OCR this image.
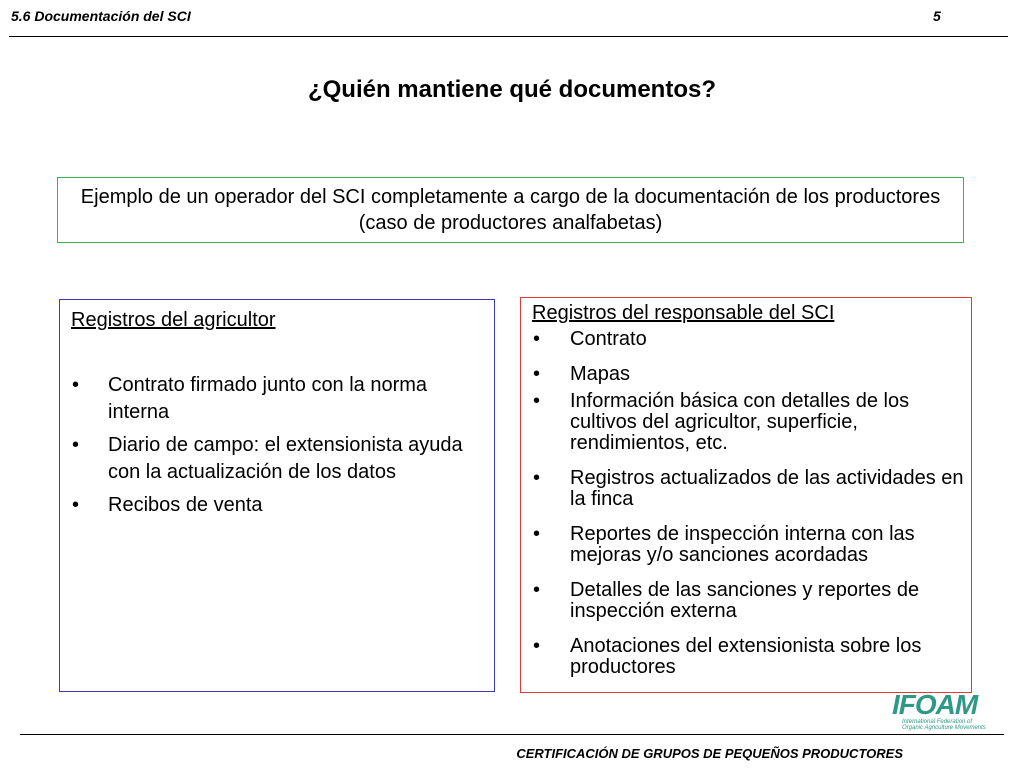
5.6 Documentación del SCI	5
¿Quién mantiene qué documentos?
Ejemplo de un operador del SCI completamente a cargo de la documentación de los productores (caso de productores analfabetas)
Registros del agricultor
• Contrato firmado junto con la norma interna
• Diario de campo: el extensionista ayuda con la actualización de los datos
• Recibos de venta
Registros del responsable del SCI
• Contrato
• Mapas
• Información básica con detalles de los cultivos del agricultor, superficie, rendimientos, etc.
• Registros actualizados de las actividades en la finca
• Reportes de inspección interna con las mejoras y/o sanciones acordadas
• Detalles de las sanciones y reportes de inspección externa
• Anotaciones del extensionista sobre los productores
IFOAM
International Federation of
Organic Agriculture Movements
CERTIFICACIÓN DE GRUPOS DE PEQUEÑOS PRODUCTORES
